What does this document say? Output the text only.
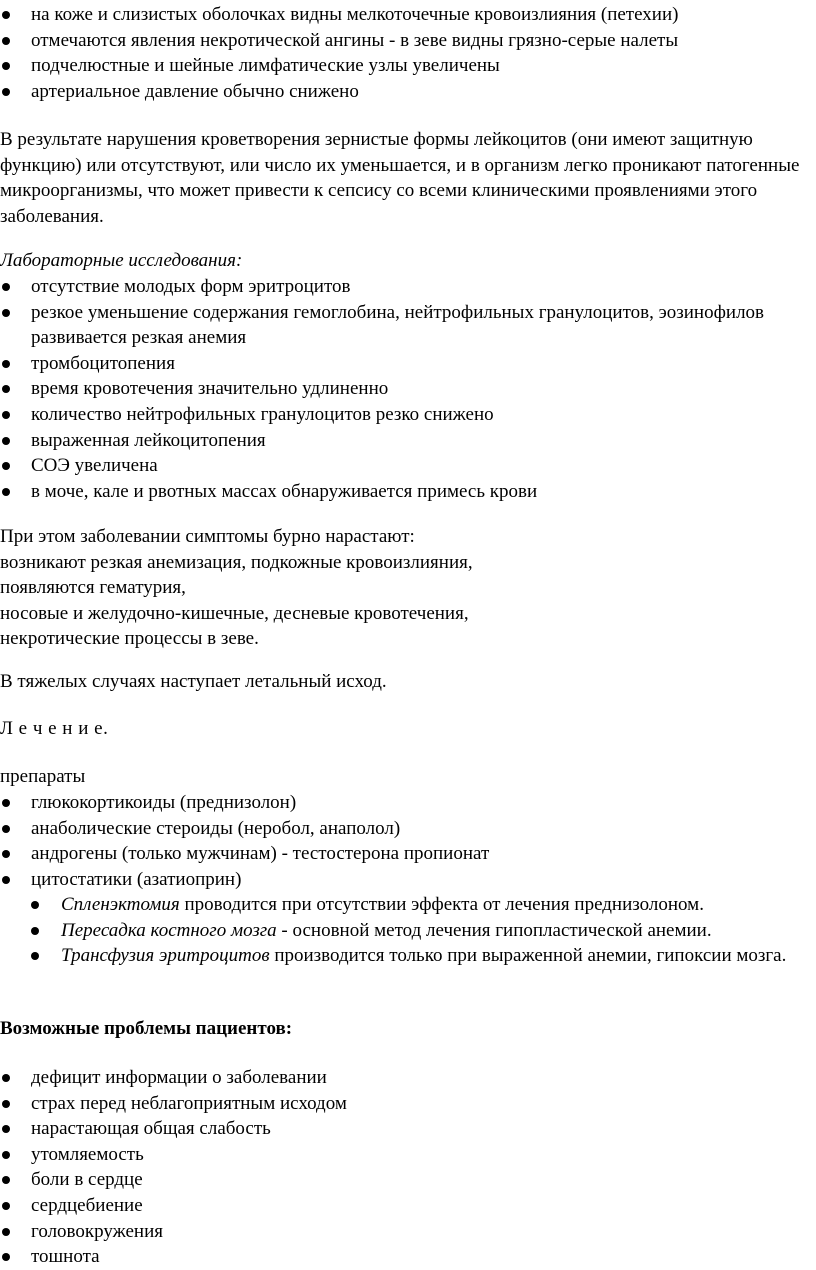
на коже и слизистых оболочках видны мелкоточечные кровоизлияния (петехии)
отмечаются явления некротической ангины - в зеве видны грязно-серые налеты
подчелюстные и шейные лимфатические узлы увеличены
артериальное давление обычно снижено

В результате нарушения кроветворения зернистые формы лейкоцитов (они имеют защитную функцию) или отсутствуют, или число их уменьшается, и в организм легко проникают патогенные микроорганизмы, что может привести к сепсису со всеми клиническими проявлениями этого заболевания.

Лабораторные исследования:

отсутствие молодых форм эритроцитов
резкое уменьшение содержания гемоглобина, нейтрофильных гранулоцитов, эозинофилов развивается резкая анемия
тромбоцитопения
время кровотечения значительно удлиненно
количество нейтрофильных гранулоцитов резко снижено
выраженная лейкоцитопения
СОЭ увеличена
в моче, кале и рвотных массах обнаруживается примесь крови

При этом заболевании симптомы бурно нарастают:

возникают резкая анемизация, подкожные кровоизлияния,

появляются гематурия,

носовые и желудочно-кишечные, десневые кровотечения,

некротические процессы в зеве.

В тяжелых случаях наступает летальный исход.

Л е ч е н и е.

препараты

глюкокортикоиды (преднизолон)
анаболические стероиды (неробол, анаполол)
андрогены (только мужчинам) - тестостерона пропионат
цитостатики (азатиоприн)
Спленэктомия проводится при отсутствии эффекта от лечения преднизолоном.
Пересадка костного мозга - основной метод лечения гипопластической анемии.
Трансфузия эритроцитов производится только при выраженной анемии, гипоксии мозга.

Возможные проблемы пациентов:

дефицит информации о заболевании
страх перед неблагоприятным исходом
нарастающая общая слабость
утомляемость
боли в сердце
сердцебиение
головокружения
тошнота
